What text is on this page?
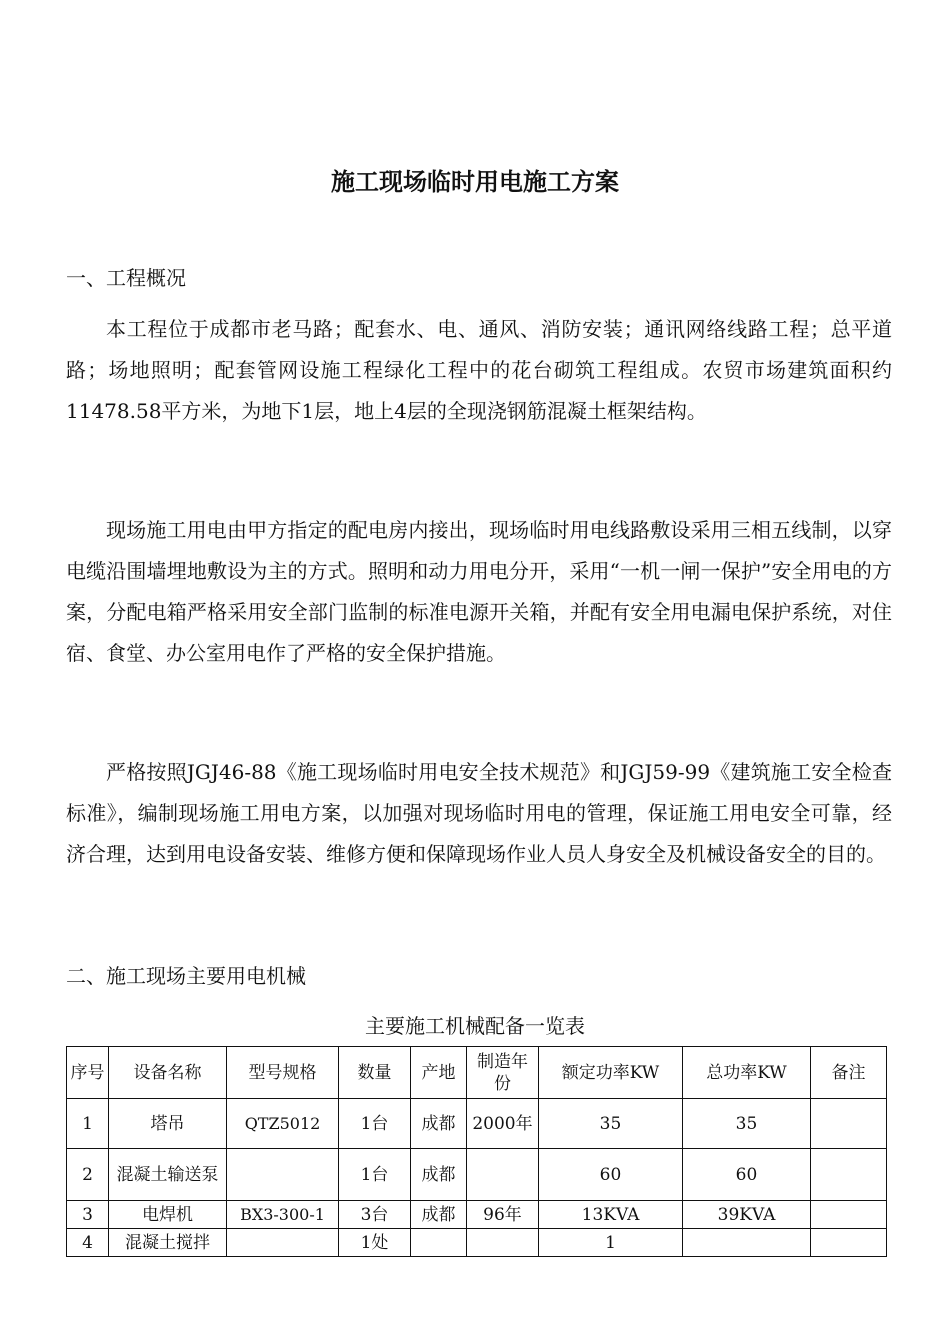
施工现场临时用电施工方案
一、工程概况

本工程位于成都市老马路；配套水、电、通风、消防安装；通讯网络线路工程；总平道路；场地照明；配套管网设施工程绿化工程中的花台砌筑工程组成。农贸市场建筑面积约11478.58平方米，为地下1层，地上4层的全现浇钢筋混凝土框架结构。

现场施工用电由甲方指定的配电房内接出，现场临时用电线路敷设采用三相五线制，以穿电缆沿围墙埋地敷设为主的方式。照明和动力用电分开，采用“一机一闸一保护”安全用电的方案，分配电箱严格采用安全部门监制的标准电源开关箱，并配有安全用电漏电保护系统，对住宿、食堂、办公室用电作了严格的安全保护措施。

严格按照JGJ46-88《施工现场临时用电安全技术规范》和JGJ59-99《建筑施工安全检查标准》，编制现场施工用电方案，以加强对现场临时用电的管理，保证施工用电安全可靠，经济合理，达到用电设备安装、维修方便和保障现场作业人员人身安全及机械设备安全的目的。

二、施工现场主要用电机械
主要施工机械配备一览表
序号	设备名称	型号规格	数量	产地	制造年份	额定功率KW	总功率KW	备注
1	塔吊	QTZ5012	1台	成都	2000年	35	35	
2	混凝土输送泵		1台	成都		60	60	
3	电焊机	BX3-300-1	3台	成都	96年	13KVA	39KVA	
4	混凝土搅拌		1处			1		
